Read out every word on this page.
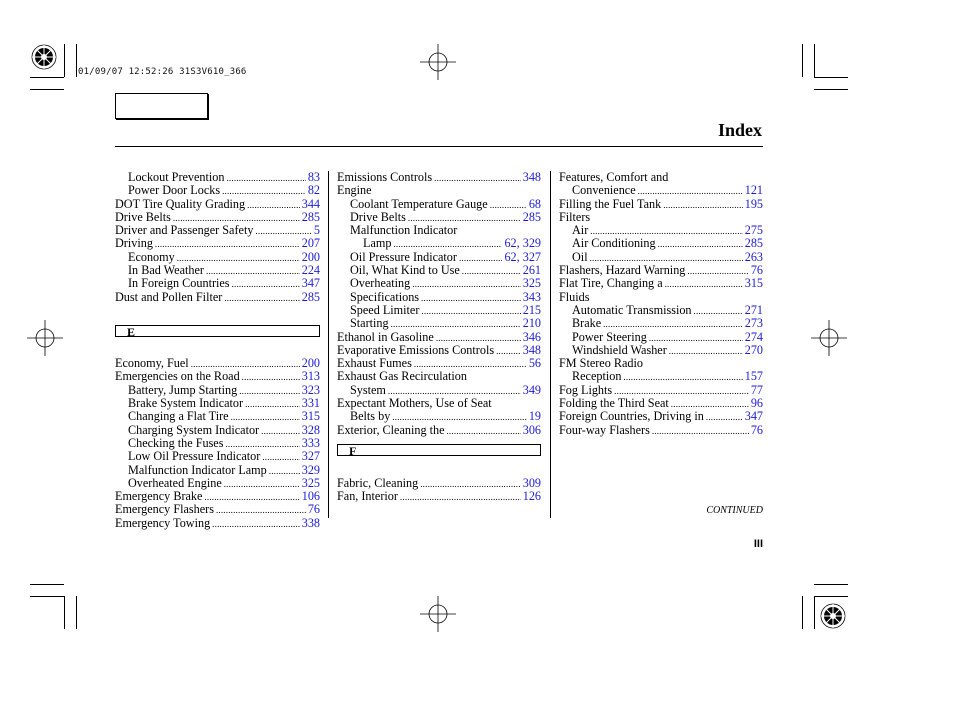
01/09/07 12:52:26 31S3V610_366
Index
Lockout Prevention .....	83
Power Door Locks .....	82
DOT Tire Quality Grading .....	344
Drive Belts .....	285
Driver and Passenger Safety .....	5
Driving .....	207
Economy .....	200
In Bad Weather .....	224
In Foreign Countries .....	347
Dust and Pollen Filter .....	285
E
Economy, Fuel .....	200
Emergencies on the Road .....	313
Battery, Jump Starting .....	323
Brake System Indicator .....	331
Changing a Flat Tire .....	315
Charging System Indicator .....	328
Checking the Fuses .....	333
Low Oil Pressure Indicator .....	327
Malfunction Indicator Lamp .....	329
Overheated Engine .....	325
Emergency Brake .....	106
Emergency Flashers .....	76
Emergency Towing .....	338
Emissions Controls .....	348
Engine
Coolant Temperature Gauge .....	68
Drive Belts .....	285
Malfunction Indicator
Lamp .....	62, 329
Oil Pressure Indicator .....	62, 327
Oil, What Kind to Use .....	261
Overheating .....	325
Specifications .....	343
Speed Limiter .....	215
Starting .....	210
Ethanol in Gasoline .....	346
Evaporative Emissions Controls ..... 348
Exhaust Fumes .....	56
Exhaust Gas Recirculation
System .....	349
Expectant Mothers, Use of Seat
Belts by .....	19
Exterior, Cleaning the .....	306
F
Fabric, Cleaning .....	309
Fan, Interior .....	126
Features, Comfort and
Convenience .....	121
Filling the Fuel Tank .....	195
Filters
Air .....	275
Air Conditioning .....	285
Oil .....	263
Flashers, Hazard Warning .....	76
Flat Tire, Changing a .....	315
Fluids
Automatic Transmission .....	271
Brake .....	273
Power Steering .....	274
Windshield Washer .....	270
FM Stereo Radio
Reception .....	157
Fog Lights .....	77
Folding the Third Seat .....	96
Foreign Countries, Driving in .....	347
Four-way Flashers .....	76
CONTINUED
III
